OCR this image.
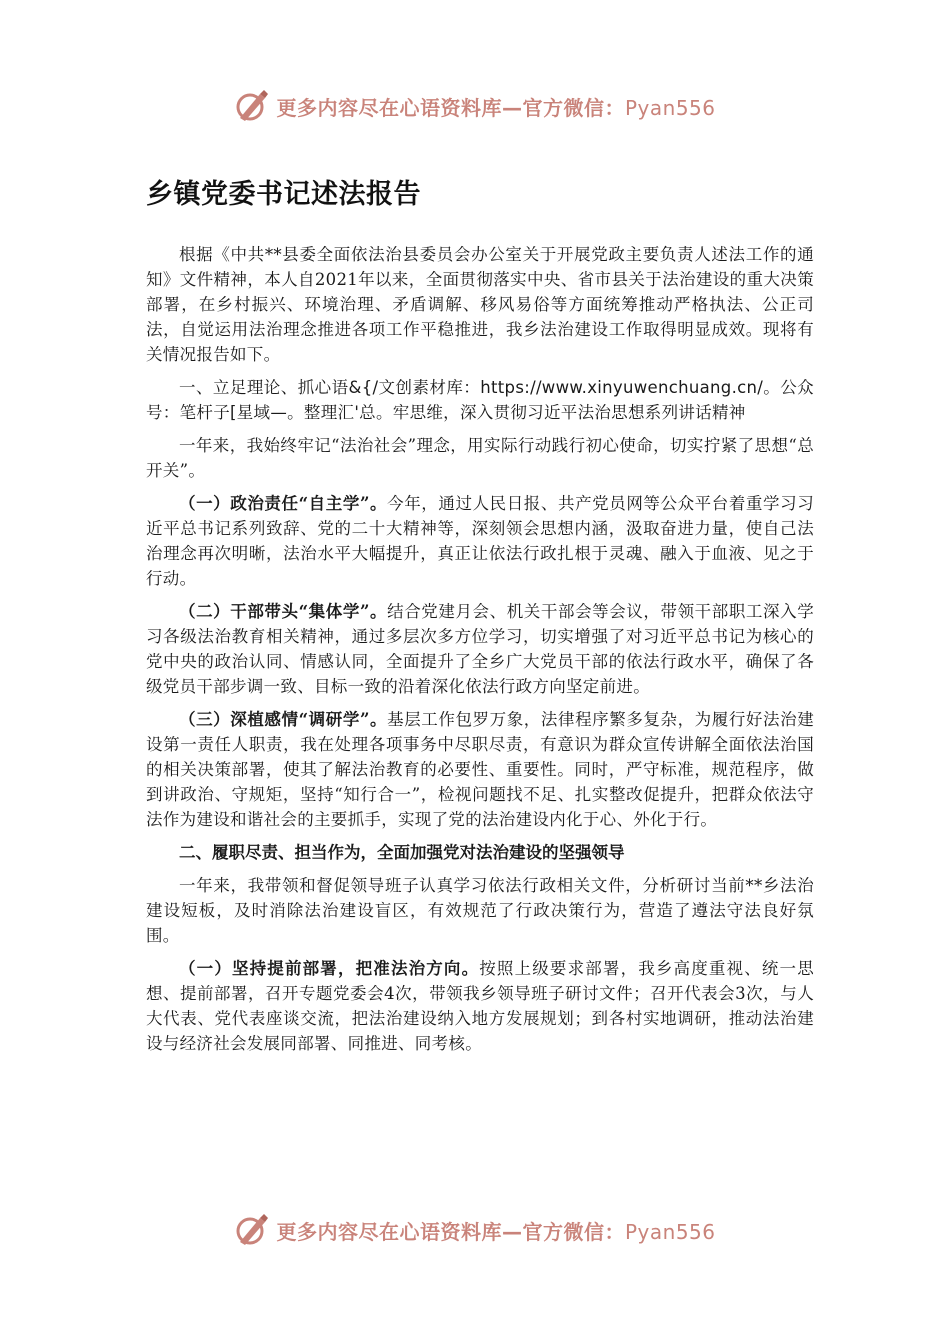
更多内容尽在心语资料库—官方微信：Pyan556
乡镇党委书记述法报告

根据《中共**县委全面依法治县委员会办公室关于开展党政主要负责人述法工作的通知》文件精神，本人自2021年以来，全面贯彻落实中央、省市县关于法治建设的重大决策部署，在乡村振兴、环境治理、矛盾调解、移风易俗等方面统筹推动严格执法、公正司法，自觉运用法治理念推进各项工作平稳推进，我乡法治建设工作取得明显成效。现将有关情况报告如下。

一、立足理论、抓心语&{/文创素材库：https://www.xinyuwenchuang.cn/。公众号：笔杆子[星域—。整理汇'总。牢思维，深入贯彻习近平法治思想系列讲话精神

一年来，我始终牢记“法治社会”理念，用实际行动践行初心使命，切实拧紧了思想“总开关”。

（一）政治责任“自主学”。今年，通过人民日报、共产党员网等公众平台着重学习习近平总书记系列致辞、党的二十大精神等，深刻领会思想内涵，汲取奋进力量，使自己法治理念再次明晰，法治水平大幅提升，真正让依法行政扎根于灵魂、融入于血液、见之于行动。

（二）干部带头“集体学”。结合党建月会、机关干部会等会议，带领干部职工深入学习各级法治教育相关精神，通过多层次多方位学习，切实增强了对习近平总书记为核心的党中央的政治认同、情感认同，全面提升了全乡广大党员干部的依法行政水平，确保了各级党员干部步调一致、目标一致的沿着深化依法行政方向坚定前进。

（三）深植感情“调研学”。基层工作包罗万象，法律程序繁多复杂，为履行好法治建设第一责任人职责，我在处理各项事务中尽职尽责，有意识为群众宣传讲解全面依法治国的相关决策部署，使其了解法治教育的必要性、重要性。同时，严守标准，规范程序，做到讲政治、守规矩，坚持“知行合一”，检视问题找不足、扎实整改促提升，把群众依法守法作为建设和谐社会的主要抓手，实现了党的法治建设内化于心、外化于行。

二、履职尽责、担当作为，全面加强党对法治建设的坚强领导

一年来，我带领和督促领导班子认真学习依法行政相关文件，分析研讨当前**乡法治建设短板，及时消除法治建设盲区，有效规范了行政决策行为，营造了遵法守法良好氛围。

（一）坚持提前部署，把准法治方向。按照上级要求部署，我乡高度重视、统一思想、提前部署，召开专题党委会4次，带领我乡领导班子研讨文件；召开代表会3次，与人大代表、党代表座谈交流，把法治建设纳入地方发展规划；到各村实地调研，推动法治建设与经济社会发展同部署、同推进、同考核。

更多内容尽在心语资料库—官方微信：Pyan556
